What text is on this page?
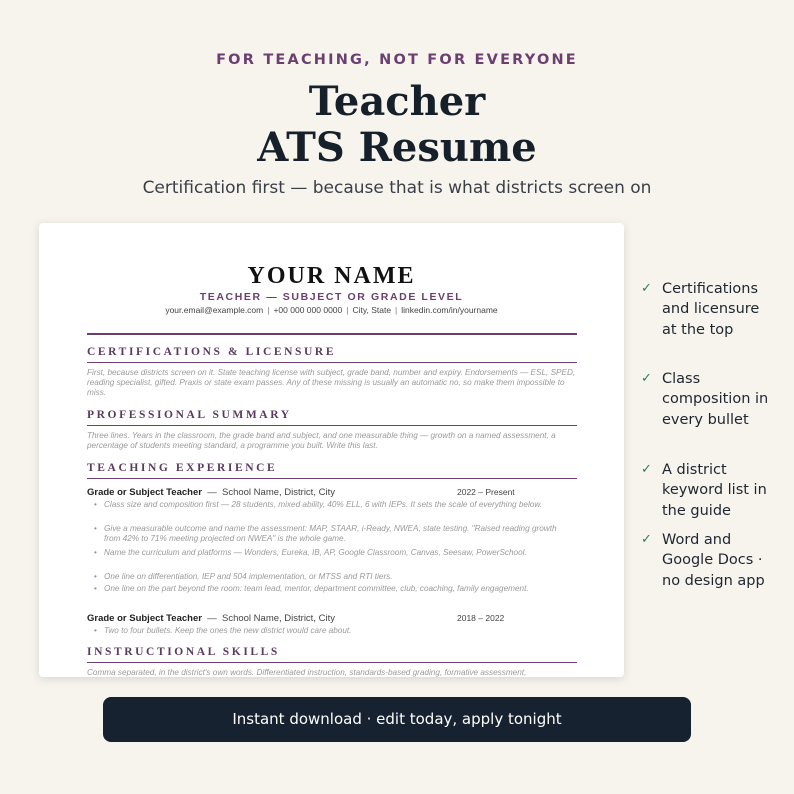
FOR TEACHING, NOT FOR EVERYONE
Teacher
ATS Resume
Certification first — because that is what districts screen on
YOUR NAME
TEACHER — SUBJECT OR GRADE LEVEL
your.email@example.com | +00 000 000 0000 | City, State | linkedin.com/in/yourname
CERTIFICATIONS & LICENSURE
First, because districts screen on it. State teaching license with subject, grade band, number and expiry. Endorsements — ESL, SPED, reading specialist, gifted. Praxis or state exam passes. Any of these missing is usually an automatic no, so make them impossible to miss.
PROFESSIONAL SUMMARY
Three lines. Years in the classroom, the grade band and subject, and one measurable thing — growth on a named assessment, a percentage of students meeting standard, a programme you built. Write this last.
TEACHING EXPERIENCE
Grade or Subject Teacher — School Name, District, City	2022 – Present
• Class size and composition first — 28 students, mixed ability, 40% ELL, 6 with IEPs. It sets the scale of everything below.
• Give a measurable outcome and name the assessment: MAP, STAAR, i-Ready, NWEA, state testing. "Raised reading growth from 42% to 71% meeting projected on NWEA" is the whole game.
• Name the curriculum and platforms — Wonders, Eureka, IB, AP, Google Classroom, Canvas, Seesaw, PowerSchool.
• One line on differentiation, IEP and 504 implementation, or MTSS and RTI tiers.
• One line on the part beyond the room: team lead, mentor, department committee, club, coaching, family engagement.
Grade or Subject Teacher — School Name, District, City	2018 – 2022
• Two to four bullets. Keep the ones the new district would care about.
INSTRUCTIONAL SKILLS
Comma separated, in the district's own words. Differentiated instruction, standards-based grading, formative assessment,
✓ Certifications and licensure at the top
✓ Class composition in every bullet
✓ A district keyword list in the guide
✓ Word and Google Docs · no design app
Instant download · edit today, apply tonight
